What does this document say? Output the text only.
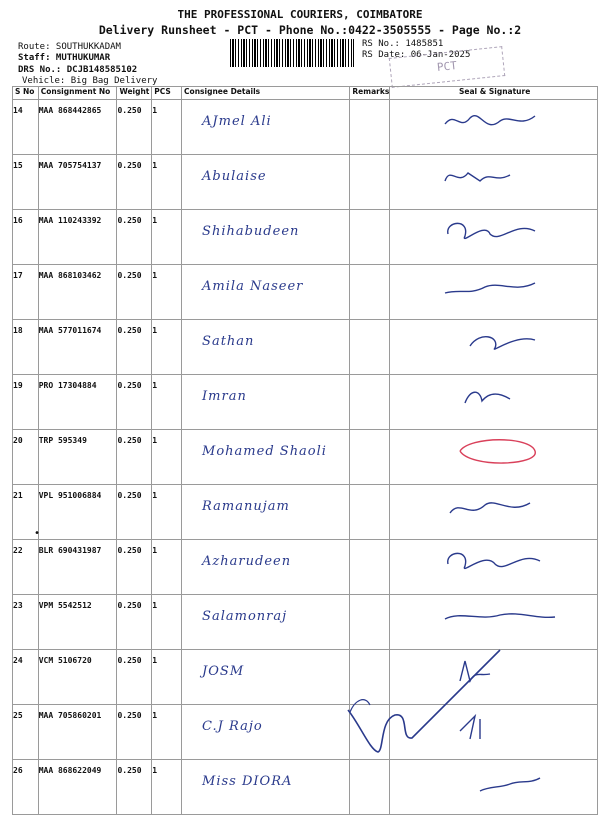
THE PROFESSIONAL COURIERS, COIMBATORE
Delivery Runsheet - PCT - Phone No.:0422-3505555 - Page No.:2
Route: SOUTHUKKADAM
Staff: MUTHUKUMAR
DRS No.: DCJB148585102
Vehicle: Big Bag Delivery
RS No.: 1485851
RS Date: 06-Jan-2025
PCT
S No	Consignment No	Weight	PCS	Consignee Details	Remarks	Seal & Signature
14	MAA 868442865	0.250	1	AJmel Ali		

15	MAA 705754137	0.250	1	Abulaise		

16	MAA 110243392	0.250	1	Shihabudeen		

17	MAA 868103462	0.250	1	Amila Naseer		

18	MAA 577011674	0.250	1	Sathan		

19	PRO 17304884	0.250	1	Imran		

20	TRP 595349	0.250	1	Mohamed Shaoli		

21	VPL 951006884	0.250	1	Ramanujam		

22	BLR 690431987	0.250	1	Azharudeen		

23	VPM 5542512	0.250	1	Salamonraj		

24	VCM 5106720	0.250	1	JOSM		

25	MAA 705860201	0.250	1	C.J Rajo		

26	MAA 868622049	0.250	1	Miss DIORA		
•
